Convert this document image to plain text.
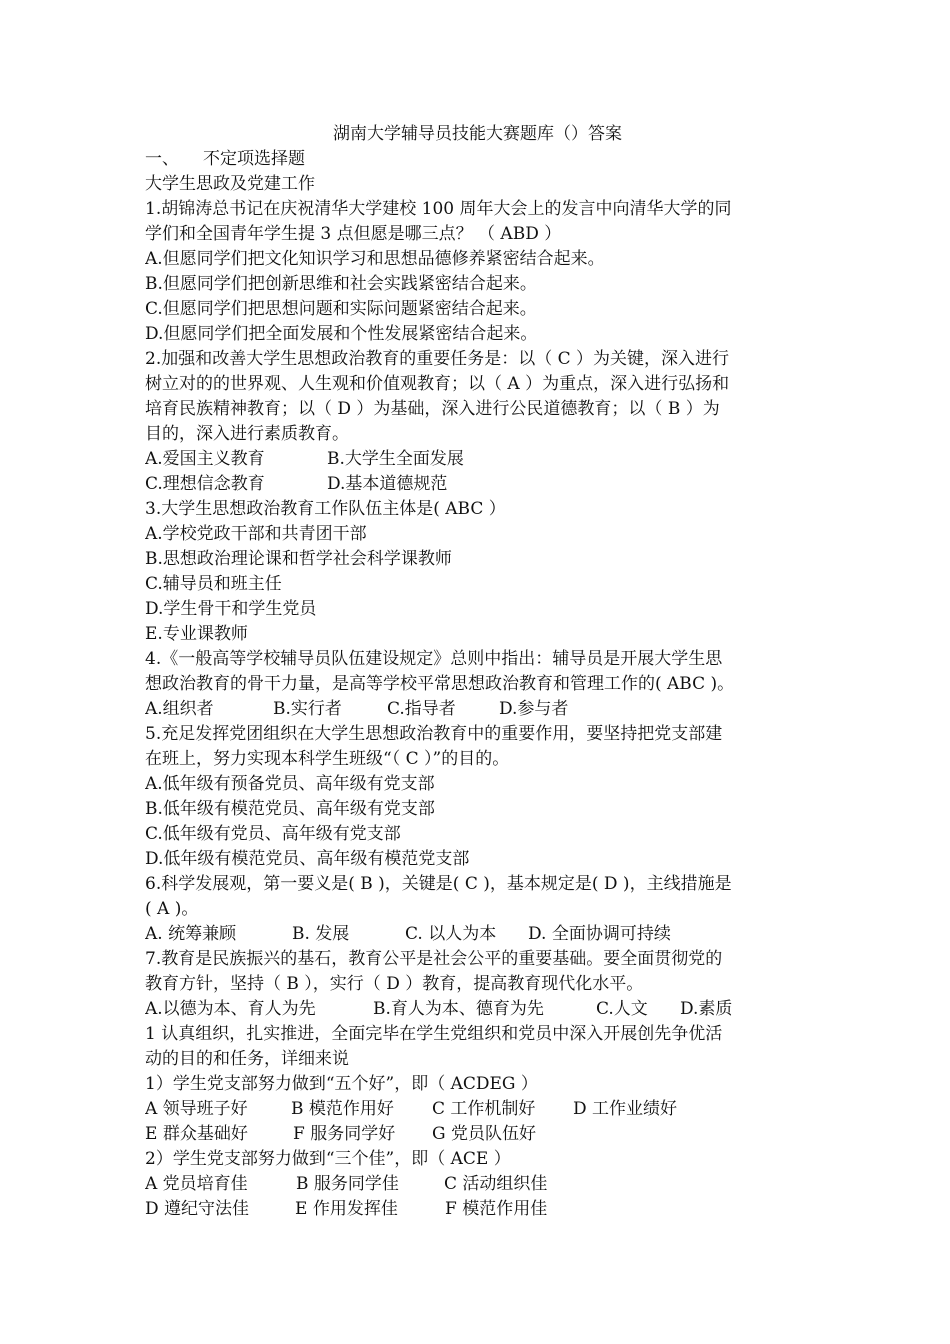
湖南大学辅导员技能大赛题库（）答案
一、	不定项选择题
大学生思政及党建工作
1.胡锦涛总书记在庆祝清华大学建校 100 周年大会上的发言中向清华大学的同
学们和全国青年学生提 3 点但愿是哪三点？ （ ABD ）
A.但愿同学们把文化知识学习和思想品德修养紧密结合起来。
B.但愿同学们把创新思维和社会实践紧密结合起来。
C.但愿同学们把思想问题和实际问题紧密结合起来。
D.但愿同学们把全面发展和个性发展紧密结合起来。
2.加强和改善大学生思想政治教育的重要任务是：以（ C ）为关键，深入进行
树立对的的世界观、人生观和价值观教育；以（ A ）为重点，深入进行弘扬和
培育民族精神教育；以（ D ）为基础，深入进行公民道德教育；以（ B ）为
目的，深入进行素质教育。
A.爱国主义教育	B.大学生全面发展
C.理想信念教育	D.基本道德规范
3.大学生思想政治教育工作队伍主体是( ABC ）
A.学校党政干部和共青团干部
B.思想政治理论课和哲学社会科学课教师
C.辅导员和班主任
D.学生骨干和学生党员
E.专业课教师
4.《一般高等学校辅导员队伍建设规定》总则中指出：辅导员是开展大学生思
想政治教育的骨干力量，是高等学校平常思想政治教育和管理工作的( ABC )。
A.组织者	B.实行者	C.指导者	D.参与者
5.充足发挥党团组织在大学生思想政治教育中的重要作用，要坚持把党支部建
在班上，努力实现本科学生班级“（ C ）”的目的。
A.低年级有预备党员、高年级有党支部
B.低年级有模范党员、高年级有党支部
C.低年级有党员、高年级有党支部
D.低年级有模范党员、高年级有模范党支部
6.科学发展观，第一要义是( B )，关键是( C )，基本规定是( D )，主线措施是
( A )。
A. 统筹兼顾	B. 发展	C. 以人为本	D. 全面协调可持续
7.教育是民族振兴的基石，教育公平是社会公平的重要基础。要全面贯彻党的
教育方针，坚持（ B ），实行（ D ）教育，提高教育现代化水平。
A.以德为本、育人为先	B.育人为本、德育为先	C.人文	D.素质
1 认真组织，扎实推进，全面完毕在学生党组织和党员中深入开展创先争优活
动的目的和任务，详细来说
1）学生党支部努力做到“五个好”，即（ ACDEG ）
A 领导班子好	B 模范作用好	C 工作机制好	D 工作业绩好
E 群众基础好	F 服务同学好	G 党员队伍好
2）学生党支部努力做到“三个佳”，即（ ACE ）
A 党员培育佳	B 服务同学佳	C 活动组织佳
D 遵纪守法佳	E 作用发挥佳	F 模范作用佳
